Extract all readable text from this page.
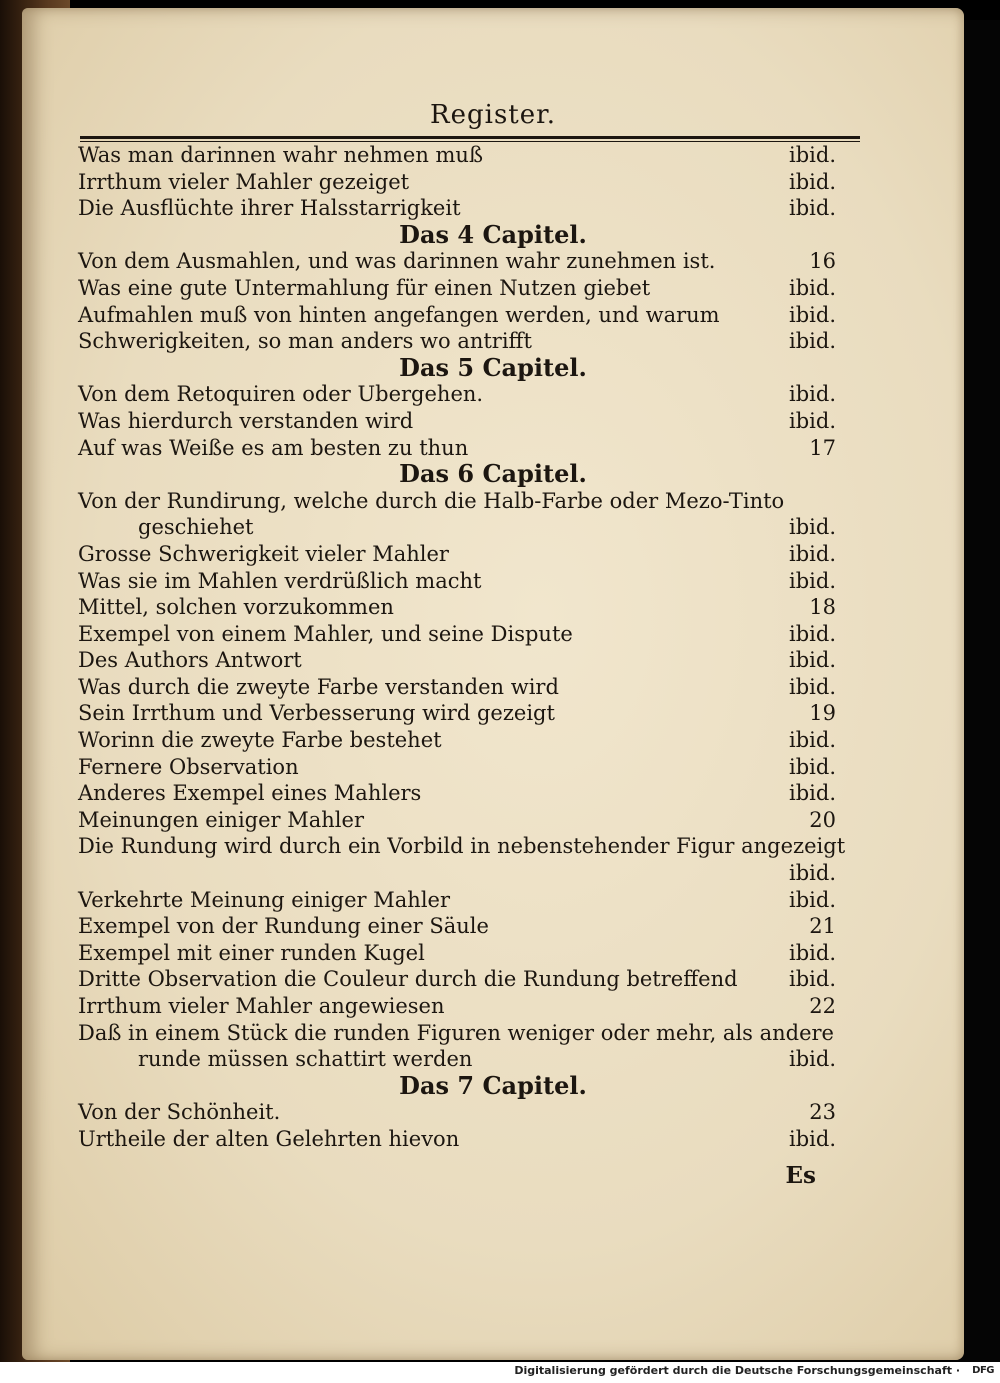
Register.
Was man darinnen wahr nehmen muß	ibid.
Irrthum vieler Mahler gezeiget	ibid.
Die Ausflüchte ihrer Halsstarrigkeit	ibid.
Das 4 Capitel.
Von dem Ausmahlen, und was darinnen wahr zunehmen ist.	16
Was eine gute Untermahlung für einen Nutzen giebet	ibid.
Aufmahlen muß von hinten angefangen werden, und warum	ibid.
Schwerigkeiten, so man anders wo antrifft	ibid.
Das 5 Capitel.
Von dem Retoquiren oder Ubergehen.	ibid.
Was hierdurch verstanden wird	ibid.
Auf was Weiße es am besten zu thun	17
Das 6 Capitel.
Von der Rundirung, welche durch die Halb-Farbe oder Mezo-Tinto
geschiehet	ibid.
Grosse Schwerigkeit vieler Mahler	ibid.
Was sie im Mahlen verdrüßlich macht	ibid.
Mittel, solchen vorzukommen	18
Exempel von einem Mahler, und seine Dispute	ibid.
Des Authors Antwort	ibid.
Was durch die zweyte Farbe verstanden wird	ibid.
Sein Irrthum und Verbesserung wird gezeigt	19
Worinn die zweyte Farbe bestehet	ibid.
Fernere Observation	ibid.
Anderes Exempel eines Mahlers	ibid.
Meinungen einiger Mahler	20
Die Rundung wird durch ein Vorbild in nebenstehender Figur angezeigt
ibid.
Verkehrte Meinung einiger Mahler	ibid.
Exempel von der Rundung einer Säule	21
Exempel mit einer runden Kugel	ibid.
Dritte Observation die Couleur durch die Rundung betreffend ibid.
Irrthum vieler Mahler angewiesen	22
Daß in einem Stück die runden Figuren weniger oder mehr, als andere
runde müssen schattirt werden	ibid.
Das 7 Capitel.
Von der Schönheit.	23
Urtheile der alten Gelehrten hievon	ibid.
Es
Digitalisierung gefördert durch die Deutsche Forschungsgemeinschaft · DFG
